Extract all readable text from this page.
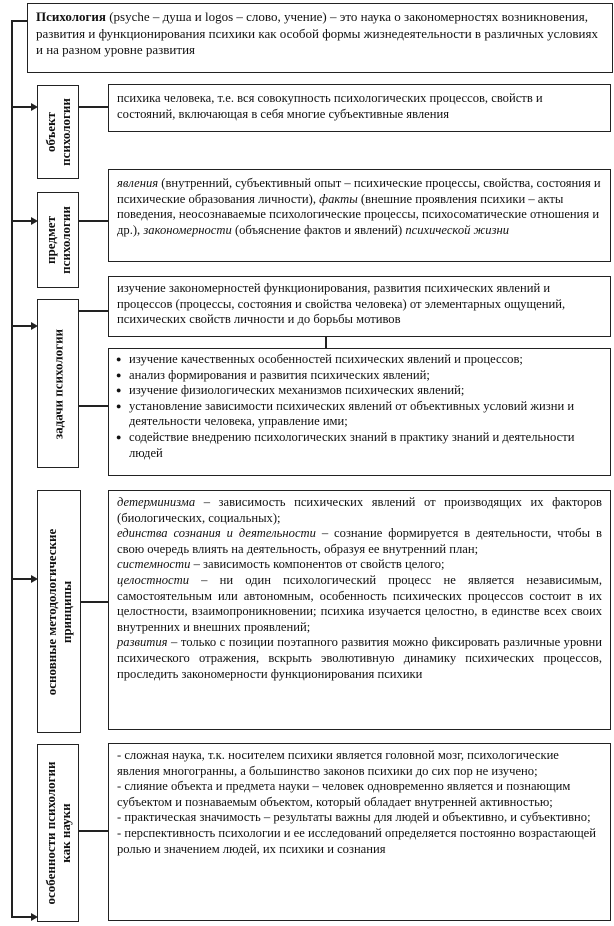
Психология (psyche – душа и logos – слово, учение) – это наука о закономерностях возникновения, развития и функционирования психики как особой формы жизнедеятельности в различных условиях и на разном уровне развития
объект психологии
психика человека, т.е. вся совокупность психологических процессов, свойств и состояний, включающая в себя многие субъективные явления
предмет психологии
явления (внутренний, субъективный опыт – психические процессы, свойства, состояния и психические образования личности), факты (внешние проявления психики – акты поведения, неосознаваемые психологические процессы, психосоматические отношения и др.), закономерности (объяснение фактов и явлений) психической жизни
задачи психологии
изучение закономерностей функционирования, развития психических явлений и процессов (процессы, состояния и свойства человека) от элементарных ощущений, психических свойств личности и до борьбы мотивов
● изучение качественных особенностей психических явлений и процессов;
● анализ формирования и развития психических явлений;
● изучение физиологических механизмов психических явлений;
● установление зависимости психических явлений от объективных условий жизни и деятельности человека, управление ими;
● содействие внедрению психологических знаний в практику знаний и деятельности людей
основные методологические принципы

детерминизма – зависимость психических явлений от производящих их факторов (биологических, социальных);

единства сознания и деятельности – сознание формируется в деятельности, чтобы в свою очередь влиять на деятельность, образуя ее внутренний план;

системности – зависимость компонентов от свойств целого;

целостности – ни один психологический процесс не является независимым, самостоятельным или автономным, особенность психических процессов состоит в их целостности, взаимопроникновении; психика изучается целостно, в единстве всех своих внутренних и внешних проявлений;

развития – только с позиции поэтапного развития можно фиксировать различные уровни психического отражения, вскрыть эволютивную динамику психических процессов, проследить закономерности функционирования психики

особенности психологии как науки

- сложная наука, т.к. носителем психики является головной мозг, психологические явления многогранны, а большинство законов психики до сих пор не изучено;

- слияние объекта и предмета науки – человек одновременно является и познающим субъектом и познаваемым объектом, который обладает внутренней активностью;

- практическая значимость – результаты важны для людей и объективно, и субъективно;

- перспективность психологии и ее исследований определяется постоянно возрастающей ролью и значением людей, их психики и сознания
